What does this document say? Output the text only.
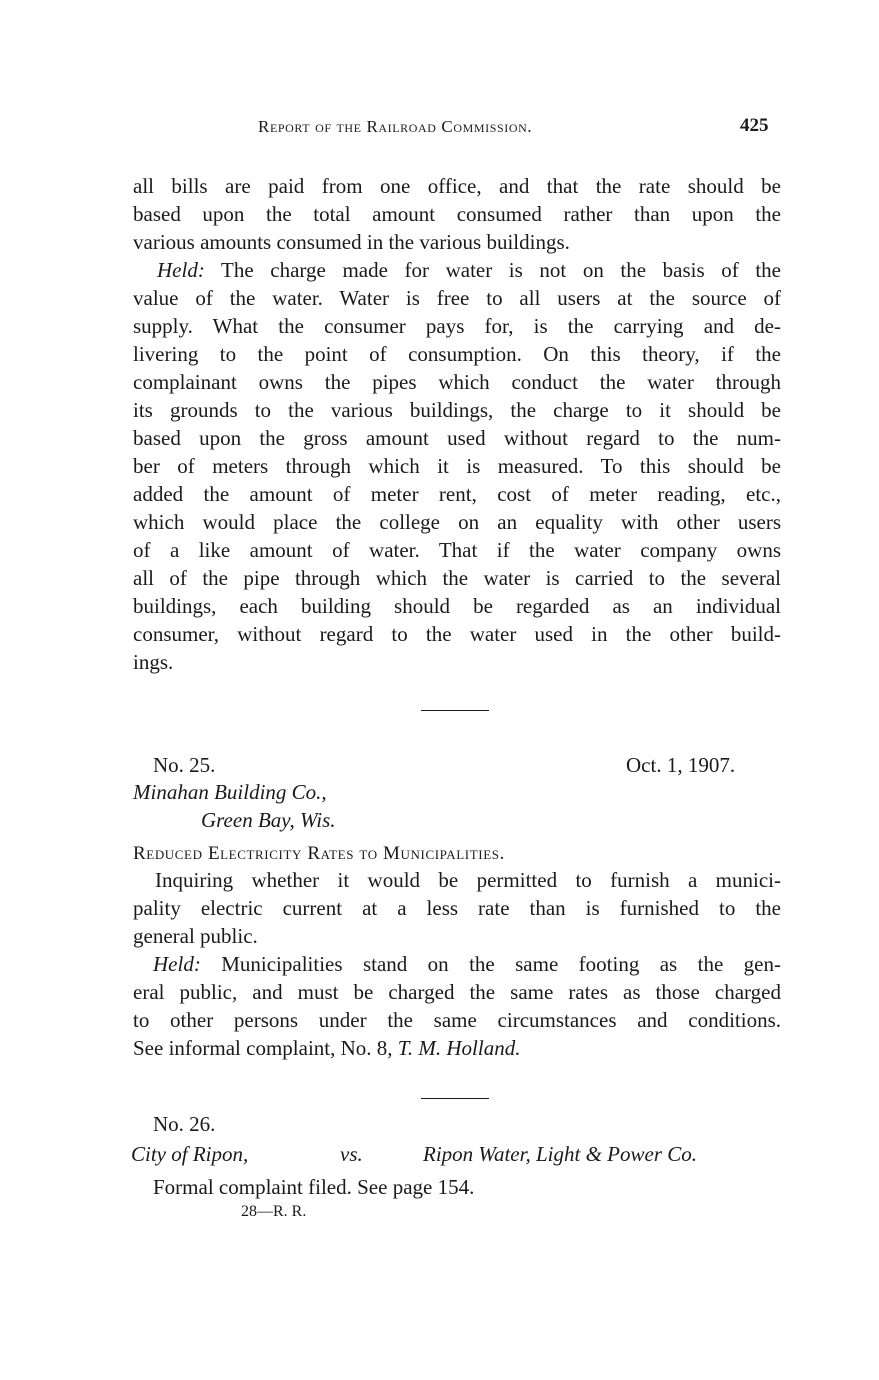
Report of the Railroad Commission.	425
all bills are paid from one office, and that the rate should be
based upon the total amount consumed rather than upon the
various amounts consumed in the various buildings.
Held: The charge made for water is not on the basis of the
value of the water. Water is free to all users at the source of
supply. What the consumer pays for, is the carrying and de-
livering to the point of consumption. On this theory, if the
complainant owns the pipes which conduct the water through
its grounds to the various buildings, the charge to it should be
based upon the gross amount used without regard to the num-
ber of meters through which it is measured. To this should be
added the amount of meter rent, cost of meter reading, etc.,
which would place the college on an equality with other users
of a like amount of water. That if the water company owns
all of the pipe through which the water is carried to the several
buildings, each building should be regarded as an individual
consumer, without regard to the water used in the other build-
ings.
No. 25.	Oct. 1, 1907.
Minahan Building Co.,
Green Bay, Wis.
Reduced Electricity Rates to Municipalities.
Inquiring whether it would be permitted to furnish a munici-
pality electric current at a less rate than is furnished to the
general public.
Held: Municipalities stand on the same footing as the gen-
eral public, and must be charged the same rates as those charged
to other persons under the same circumstances and conditions.
See informal complaint, No. 8, T. M. Holland.
No. 26.
City of Ripon,	vs.	Ripon Water, Light & Power Co.
Formal complaint filed. See page 154.
28—R. R.
